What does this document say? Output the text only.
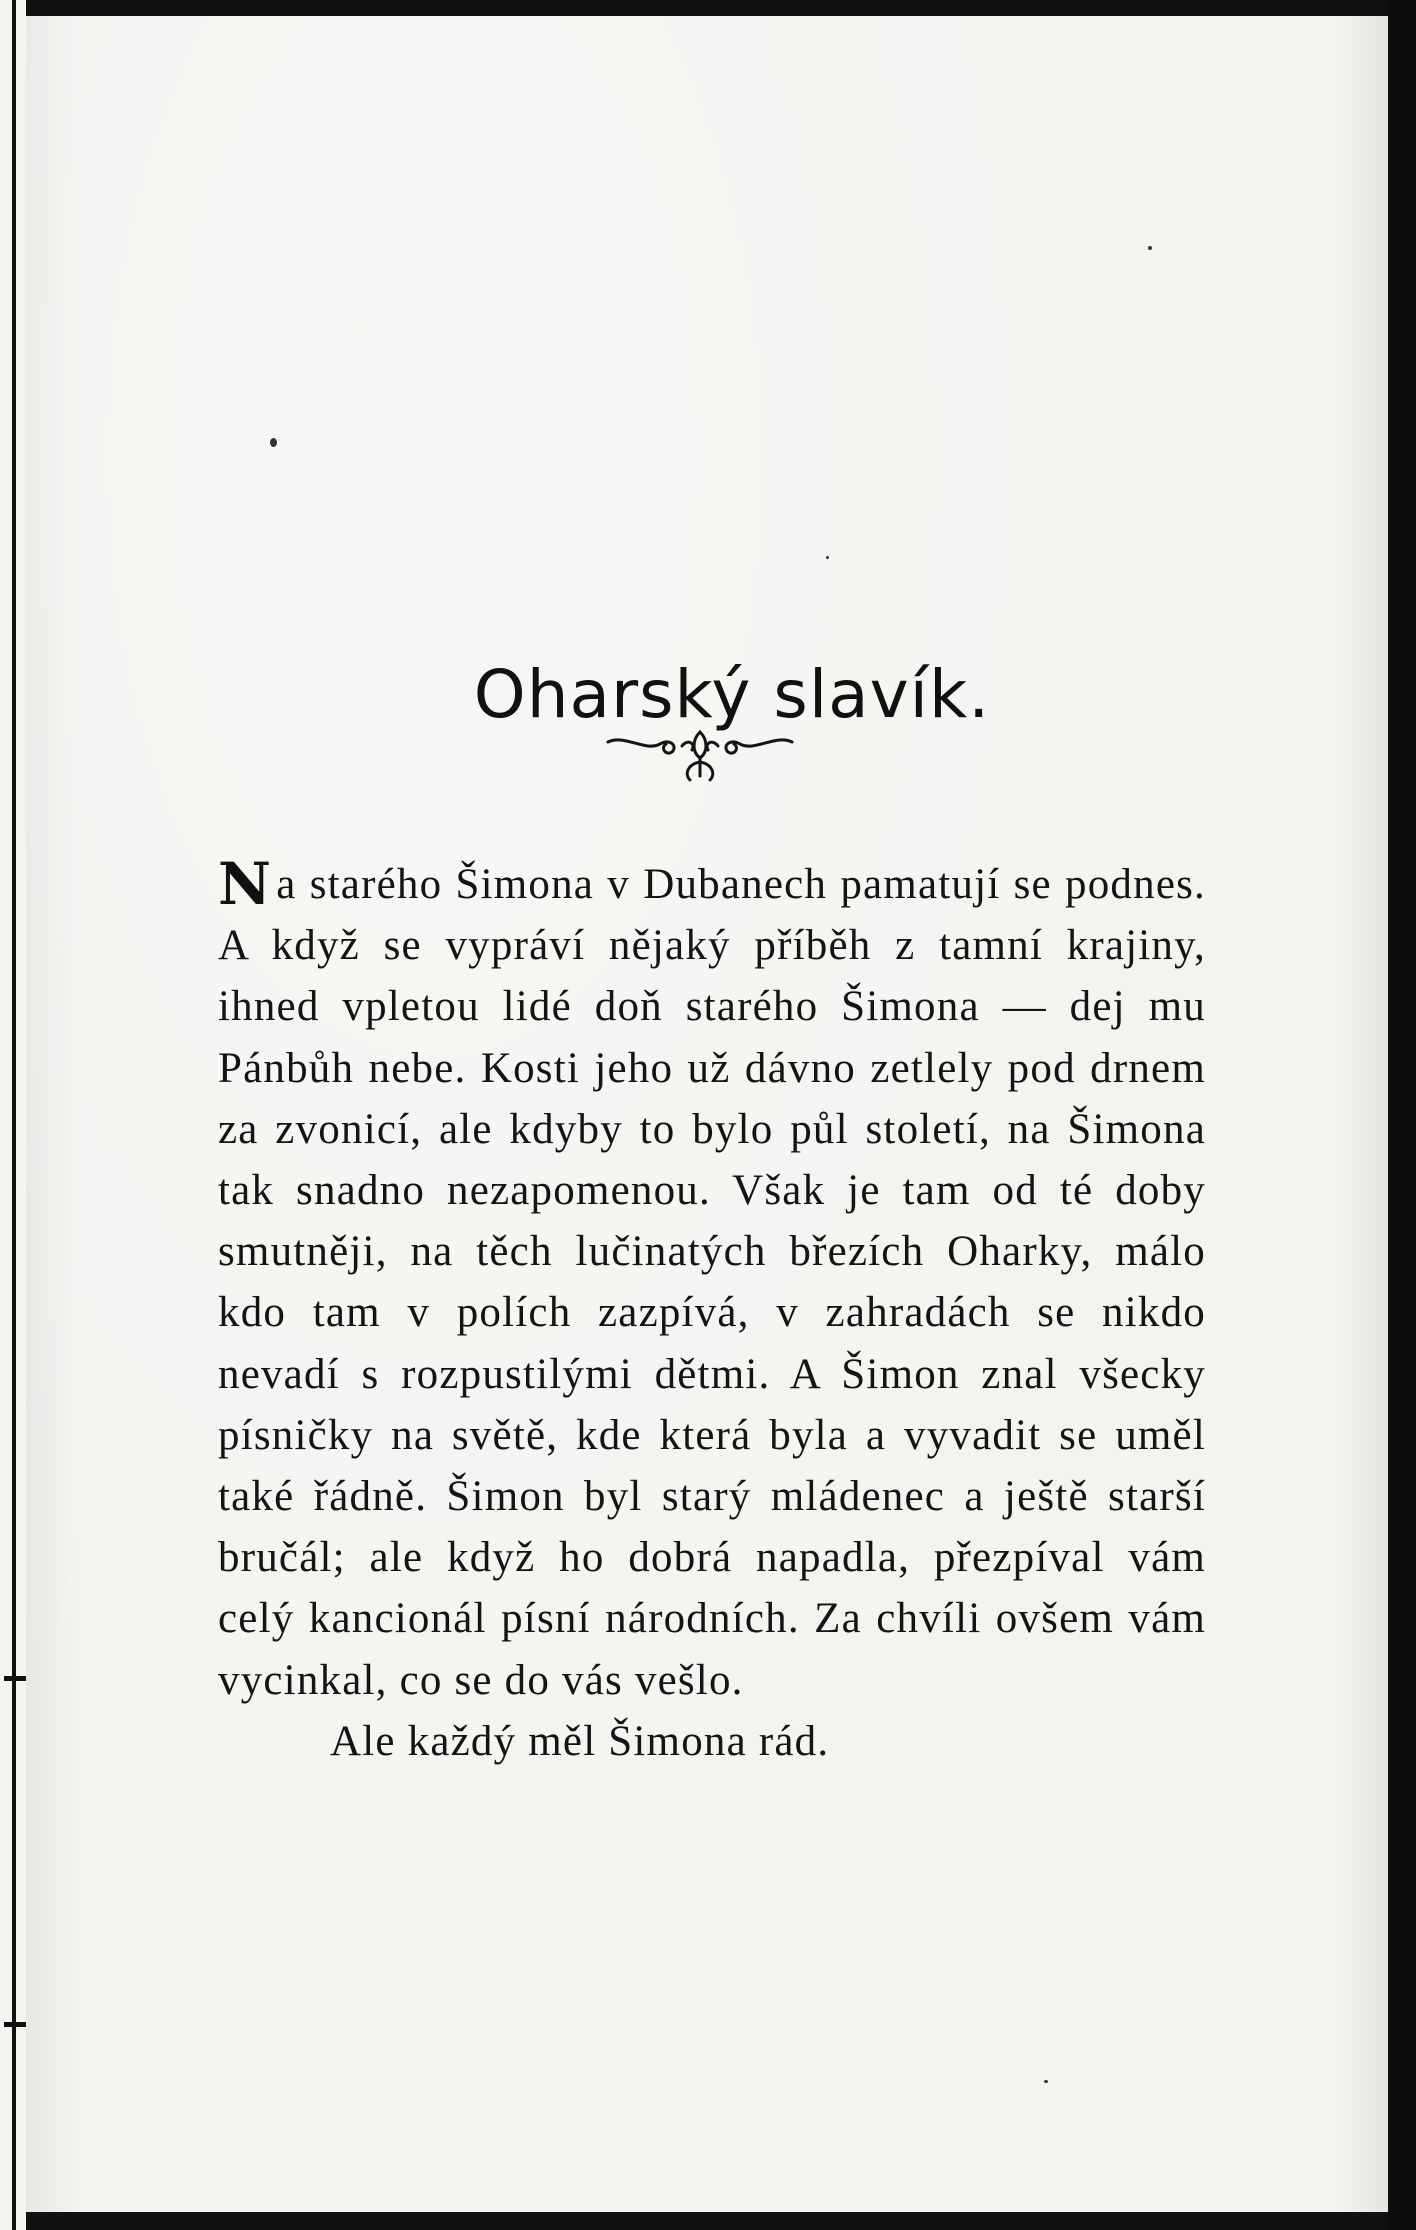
Oharský slavík.

Na starého Šimona v Dubanech pamatují se podnes. A když se vypráví nějaký příběh z tamní krajiny, ihned vpletou lidé doň starého Šimona — dej mu Pánbůh nebe. Kosti jeho už dávno zetlely pod drnem za zvonicí, ale kdyby to bylo půl století, na Šimona tak snadno nezapomenou. Však je tam od té doby smutněji, na těch lučinatých březích Oharky, málo kdo tam v polích zazpívá, v zahradách se nikdo nevadí s rozpustilými dětmi. A Šimon znal všecky písničky na světě, kde která byla a vyvadit se uměl také řádně. Šimon byl starý mládenec a ještě starší bručál; ale když ho dobrá napadla, přezpíval vám celý kancionál písní národních. Za chvíli ovšem vám vycinkal, co se do vás vešlo.

Ale každý měl Šimona rád.
